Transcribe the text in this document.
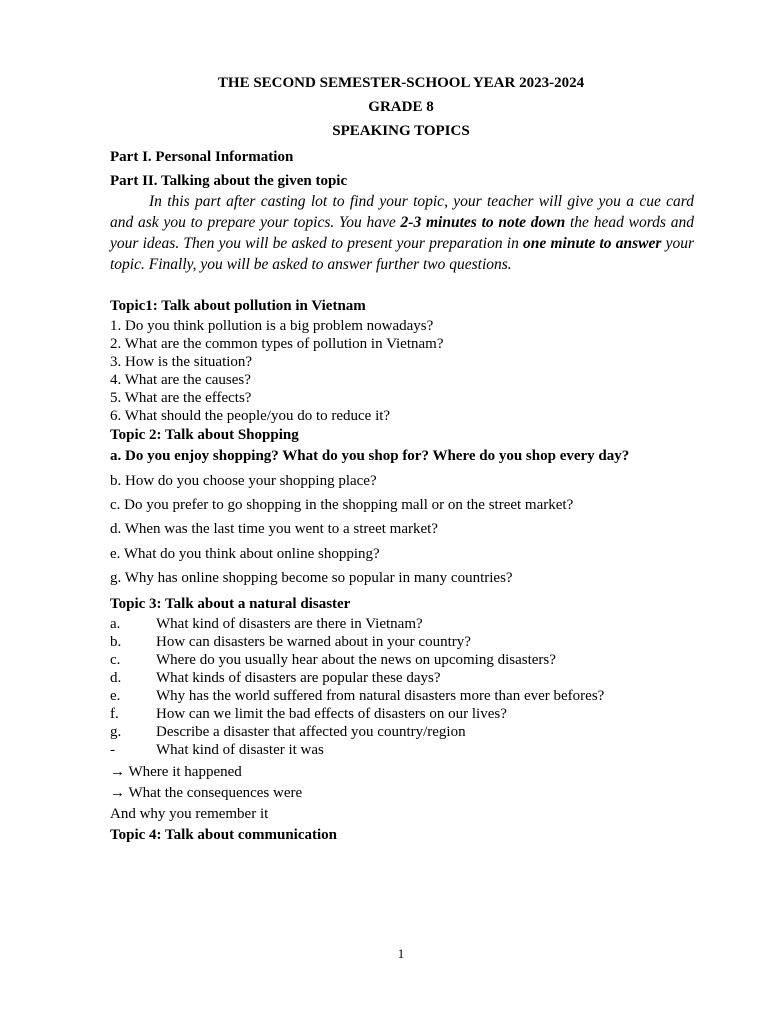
THE SECOND SEMESTER-SCHOOL YEAR 2023-2024
GRADE 8
SPEAKING TOPICS
Part I. Personal Information
Part II. Talking about the given topic
In this part after casting lot to find your topic, your teacher will give you a cue card and ask you to prepare your topics. You have 2-3 minutes to note down the head words and your ideas. Then you will be asked to present your preparation in one minute to answer your topic. Finally, you will be asked to answer further two questions.
Topic1: Talk about pollution in Vietnam
1. Do you think pollution is a big problem nowadays?
2. What are the common types of pollution in Vietnam?
3. How is the situation?
4. What are the causes?
5. What are the effects?
6. What should the people/you do to reduce it?
Topic 2: Talk about Shopping
a. Do you enjoy shopping? What do you shop for? Where do you shop every day?
b. How do you choose your shopping place?
c. Do you prefer to go shopping in the shopping mall or on the street market?
d. When was the last time you went to a street market?
e. What do you think about online shopping?
g. Why has online shopping become so popular in many countries?
Topic 3: Talk about a natural disaster
a. What kind of disasters are there in Vietnam?
b. How can disasters be warned about in your country?
c. Where do you usually hear about the news on upcoming disasters?
d. What kinds of disasters are popular these days?
e. Why has the world suffered from natural disasters more than ever befores?
f. How can we limit the bad effects of disasters on our lives?
g. Describe a disaster that affected you country/region
-	What kind of disaster it was
→ Where it happened
→ What the consequences were
And why you remember it
Topic 4: Talk about communication
1
